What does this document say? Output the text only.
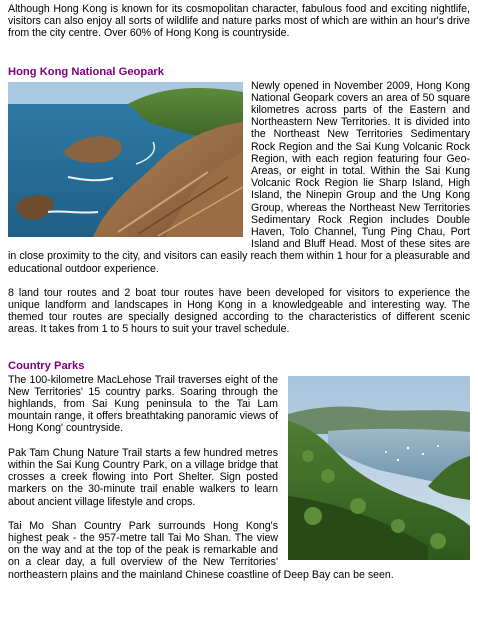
Although Hong Kong is known for its cosmopolitan character, fabulous food and exciting nightlife, visitors can also enjoy all sorts of wildlife and nature parks most of which are within an hour's drive from the city centre. Over 60% of Hong Kong is countryside.

Hong Kong National Geopark

Newly opened in November 2009, Hong Kong National Geopark covers an area of 50 square kilometres across parts of the Eastern and Northeastern New Territories. It is divided into the Northeast New Territories Sedimentary Rock Region and the Sai Kung Volcanic Rock Region, with each region featuring four Geo-Areas, or eight in total. Within the Sai Kung Volcanic Rock Region lie Sharp Island, High Island, the Ninepin Group and the Ung Kong Group, whereas the Northeast New Territories Sedimentary Rock Region includes Double Haven, Tolo Channel, Tung Ping Chau, Port Island and Bluff Head. Most of these sites are in close proximity to the city, and visitors can easily reach them within 1 hour for a pleasurable and educational outdoor experience.

8 land tour routes and 2 boat tour routes have been developed for visitors to experience the unique landform and landscapes in Hong Kong in a knowledgeable and interesting way. The themed tour routes are specially designed according to the characteristics of different scenic areas. It takes from 1 to 5 hours to suit your travel schedule.

Country Parks

The 100-kilometre MacLehose Trail traverses eight of the New Territories' 15 country parks. Soaring through the highlands, from Sai Kung peninsula to the Tai Lam mountain range, it offers breathtaking panoramic views of Hong Kong' countryside.

Pak Tam Chung Nature Trail starts a few hundred metres within the Sai Kung Country Park, on a village bridge that crosses a creek flowing into Port Shelter. Sign posted markers on the 30-minute trail enable walkers to learn about ancient village lifestyle and crops.

Tai Mo Shan Country Park surrounds Hong Kong's highest peak - the 957-metre tall Tai Mo Shan. The view on the way and at the top of the peak is remarkable and on a clear day, a full overview of the New Territories' northeastern plains and the mainland Chinese coastline of Deep Bay can be seen.
